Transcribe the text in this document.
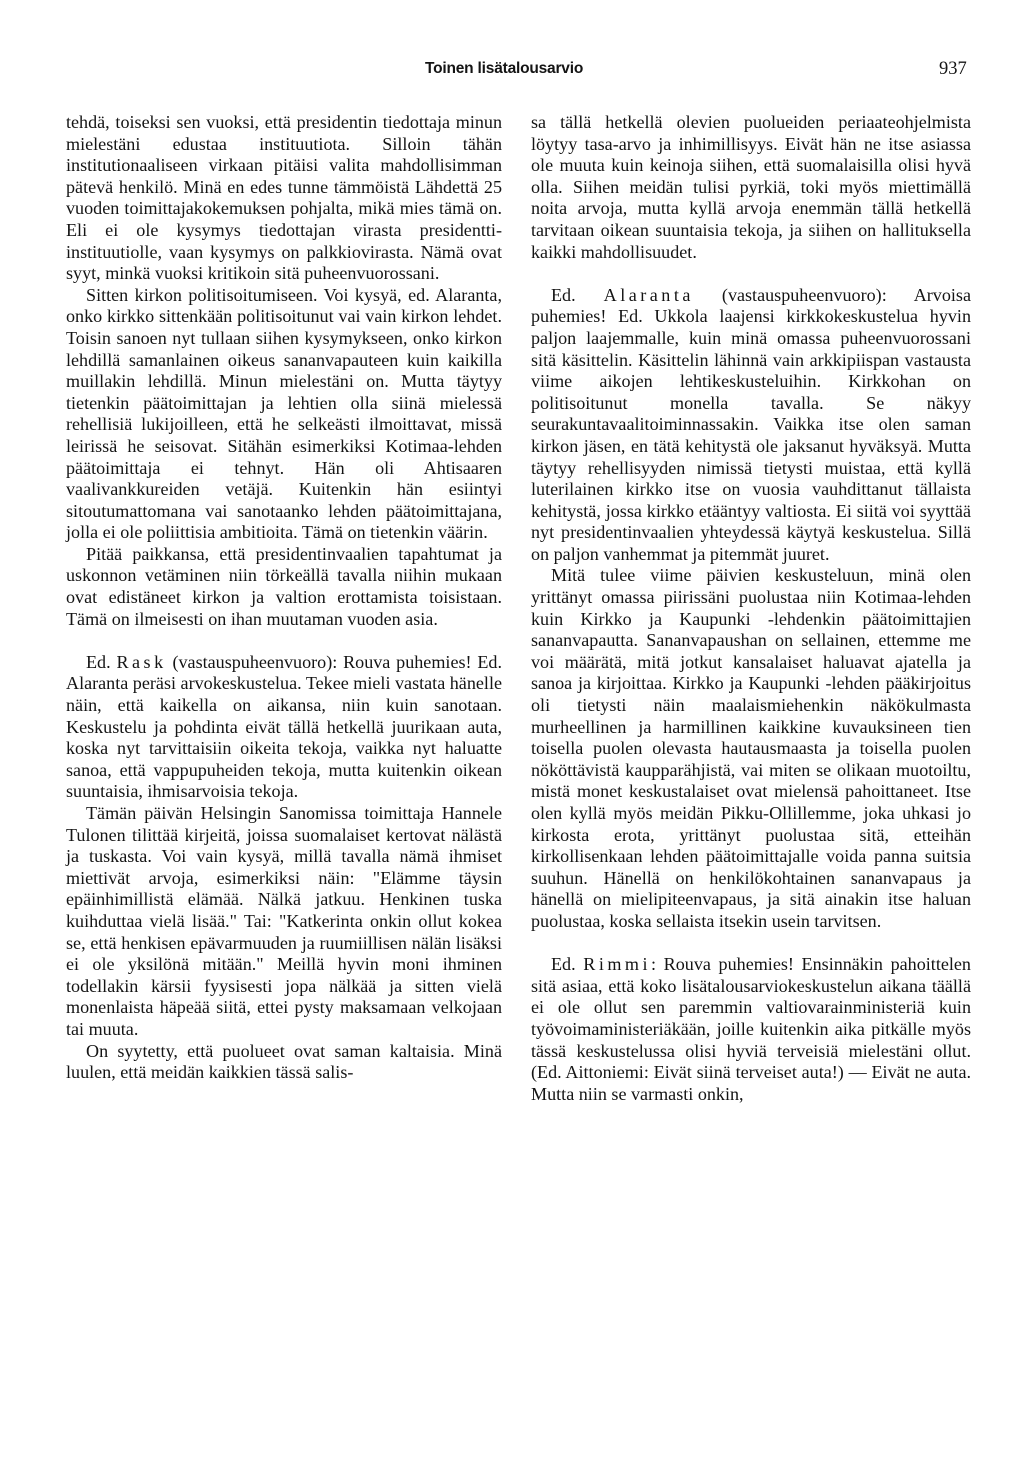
Toinen lisätalousarvio	937

tehdä, toiseksi sen vuoksi, että presidentin tiedottaja minun mielestäni edustaa instituutiota. Silloin tähän institutionaaliseen virkaan pitäisi valita mahdollisimman pätevä henkilö. Minä en edes tunne tämmöistä Lähdettä 25 vuoden toimittajakokemuksen pohjalta, mikä mies tämä on. Eli ei ole kysymys tiedottajan virasta presidentti-instituutiolle, vaan kysymys on palkkiovirasta. Nämä ovat syyt, minkä vuoksi kritikoin sitä puheenvuorossani.

Sitten kirkon politisoitumiseen. Voi kysyä, ed. Alaranta, onko kirkko sittenkään politisoitunut vai vain kirkon lehdet. Toisin sanoen nyt tullaan siihen kysymykseen, onko kirkon lehdillä samanlainen oikeus sananvapauteen kuin kaikilla muillakin lehdillä. Minun mielestäni on. Mutta täytyy tietenkin päätoimittajan ja lehtien olla siinä mielessä rehellisiä lukijoilleen, että he selkeästi ilmoittavat, missä leirissä he seisovat. Sitähän esimerkiksi Kotimaa-lehden päätoimittaja ei tehnyt. Hän oli Ahtisaaren vaalivankkureiden vetäjä. Kuitenkin hän esiintyi sitoutumattomana vai sanotaanko lehden päätoimittajana, jolla ei ole poliittisia ambitioita. Tämä on tietenkin väärin.

Pitää paikkansa, että presidentinvaalien tapahtumat ja uskonnon vetäminen niin törkeällä tavalla niihin mukaan ovat edistäneet kirkon ja valtion erottamista toisistaan. Tämä on ilmeisesti on ihan muutaman vuoden asia.

Ed. Rask (vastauspuheenvuoro): Rouva puhemies! Ed. Alaranta peräsi arvokeskustelua. Tekee mieli vastata hänelle näin, että kaikella on aikansa, niin kuin sanotaan. Keskustelu ja pohdinta eivät tällä hetkellä juurikaan auta, koska nyt tarvittaisiin oikeita tekoja, vaikka nyt haluatte sanoa, että vappupuheiden tekoja, mutta kuitenkin oikean suuntaisia, ihmisarvoisia tekoja.

Tämän päivän Helsingin Sanomissa toimittaja Hannele Tulonen tilittää kirjeitä, joissa suomalaiset kertovat nälästä ja tuskasta. Voi vain kysyä, millä tavalla nämä ihmiset miettivät arvoja, esimerkiksi näin: "Elämme täysin epäinhimillistä elämää. Nälkä jatkuu. Henkinen tuska kuihduttaa vielä lisää." Tai: "Katkerinta onkin ollut kokea se, että henkisen epävarmuuden ja ruumiillisen nälän lisäksi ei ole yksilönä mitään." Meillä hyvin moni ihminen todellakin kärsii fyysisesti jopa nälkää ja sitten vielä monenlaista häpeää siitä, ettei pysty maksamaan velkojaan tai muuta.

On syytetty, että puolueet ovat saman kaltaisia. Minä luulen, että meidän kaikkien tässä salis-

sa tällä hetkellä olevien puolueiden periaateohjelmista löytyy tasa-arvo ja inhimillisyys. Eivät hän ne itse asiassa ole muuta kuin keinoja siihen, että suomalaisilla olisi hyvä olla. Siihen meidän tulisi pyrkiä, toki myös miettimällä noita arvoja, mutta kyllä arvoja enemmän tällä hetkellä tarvitaan oikean suuntaisia tekoja, ja siihen on hallituksella kaikki mahdollisuudet.

Ed. Alaranta (vastauspuheenvuoro): Arvoisa puhemies! Ed. Ukkola laajensi kirkkokeskustelua hyvin paljon laajemmalle, kuin minä omassa puheenvuorossani sitä käsittelin. Käsittelin lähinnä vain arkkipiispan vastausta viime aikojen lehtikeskusteluihin. Kirkkohan on politisoitunut monella tavalla. Se näkyy seurakuntavaalitoiminnassakin. Vaikka itse olen saman kirkon jäsen, en tätä kehitystä ole jaksanut hyväksyä. Mutta täytyy rehellisyyden nimissä tietysti muistaa, että kyllä luterilainen kirkko itse on vuosia vauhdittanut tällaista kehitystä, jossa kirkko etääntyy valtiosta. Ei siitä voi syyttää nyt presidentinvaalien yhteydessä käytyä keskustelua. Sillä on paljon vanhemmat ja pitemmät juuret.

Mitä tulee viime päivien keskusteluun, minä olen yrittänyt omassa piirissäni puolustaa niin Kotimaa-lehden kuin Kirkko ja Kaupunki -lehdenkin päätoimittajien sananvapautta. Sananvapaushan on sellainen, ettemme me voi määrätä, mitä jotkut kansalaiset haluavat ajatella ja sanoa ja kirjoittaa. Kirkko ja Kaupunki -lehden pääkirjoitus oli tietysti näin maalaismiehenkin näkökulmasta murheellinen ja harmillinen kaikkine kuvauksineen tien toisella puolen olevasta hautausmaasta ja toisella puolen nököttävistä kaupparähjistä, vai miten se olikaan muotoiltu, mistä monet keskustalaiset ovat mielensä pahoittaneet. Itse olen kyllä myös meidän Pikku-Ollillemme, joka uhkasi jo kirkosta erota, yrittänyt puolustaa sitä, etteihän kirkollisenkaan lehden päätoimittajalle voida panna suitsia suuhun. Hänellä on henkilökohtainen sananvapaus ja hänellä on mielipiteenvapaus, ja sitä ainakin itse haluan puolustaa, koska sellaista itsekin usein tarvitsen.

Ed. Rimmi: Rouva puhemies! Ensinnäkin pahoittelen sitä asiaa, että koko lisätalousarviokeskustelun aikana täällä ei ole ollut sen paremmin valtiovarainministeriä kuin työvoimaministeriäkään, joille kuitenkin aika pitkälle myös tässä keskustelussa olisi hyviä terveisiä mielestäni ollut. (Ed. Aittoniemi: Eivät siinä terveiset auta!) — Eivät ne auta. Mutta niin se varmasti onkin,
